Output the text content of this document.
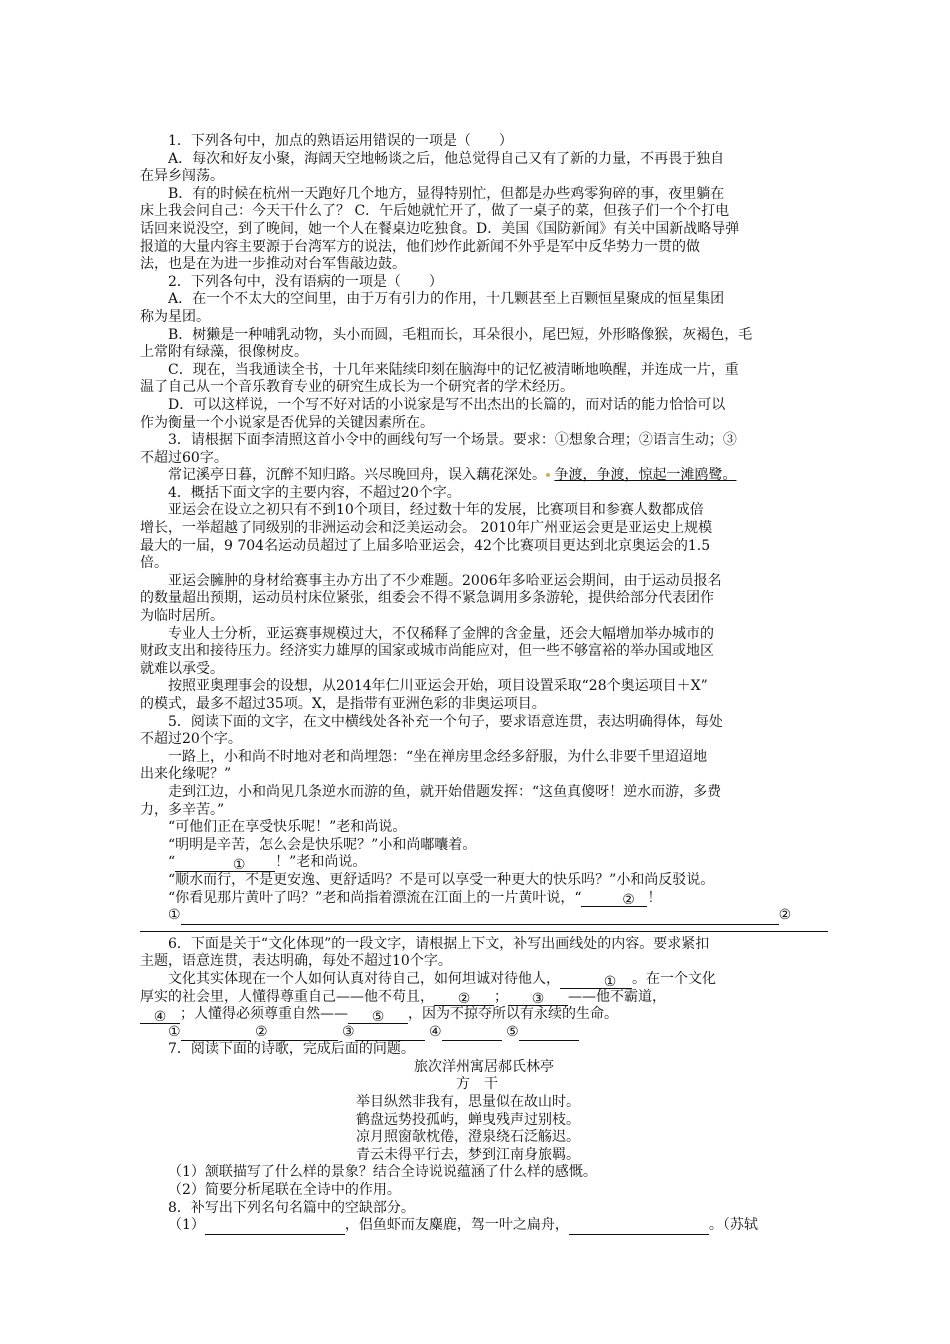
1．下列各句中，加点的熟语运用错误的一项是（　　）

A．每次和好友小聚，海阔天空地畅谈之后，他总觉得自己又有了新的力量，不再畏于独自

在异乡闯荡。

B．有的时候在杭州一天跑好几个地方，显得特别忙，但都是办些鸡零狗碎的事，夜里躺在

床上我会问自己：今天干什么了？ C．午后她就忙开了，做了一桌子的菜，但孩子们一个个打电

话回来说没空，到了晚间，她一个人在餐桌边吃独食。D．美国《国防新闻》有关中国新战略导弹

报道的大量内容主要源于台湾军方的说法，他们炒作此新闻不外乎是军中反华势力一贯的做

法，也是在为进一步推动对台军售敲边鼓。

2．下列各句中，没有语病的一项是（　　）

A．在一个不太大的空间里，由于万有引力的作用，十几颗甚至上百颗恒星聚成的恒星集团

称为星团。

B．树獭是一种哺乳动物，头小而圆，毛粗而长，耳朵很小，尾巴短，外形略像猴，灰褐色，毛

上常附有绿藻，很像树皮。

C．现在，当我通读全书，十几年来陆续印刻在脑海中的记忆被清晰地唤醒，并连成一片，重

温了自己从一个音乐教育专业的研究生成长为一个研究者的学术经历。

D．可以这样说，一个写不好对话的小说家是写不出杰出的长篇的，而对话的能力恰恰可以

作为衡量一个小说家是否优异的关键因素所在。

3．请根据下面李清照这首小令中的画线句写一个场景。要求：①想象合理；②语言生动；③

不超过60字。

常记溪亭日暮，沉醉不知归路。兴尽晚回舟，误入藕花深处。 争渡，争渡，惊起一滩鸥鹭。

4．概括下面文字的主要内容，不超过20个字。

亚运会在设立之初只有不到10个项目，经过数十年的发展，比赛项目和参赛人数都成倍

增长，一举超越了同级别的非洲运动会和泛美运动会。 2010年广州亚运会更是亚运史上规模

最大的一届，9 704名运动员超过了上届多哈亚运会，42个比赛项目更达到北京奥运会的1.5

倍。

亚运会臃肿的身材给赛事主办方出了不少难题。2006年多哈亚运会期间，由于运动员报名

的数量超出预期，运动员村床位紧张，组委会不得不紧急调用多条游轮，提供给部分代表团作

为临时居所。

专业人士分析，亚运赛事规模过大，不仅稀释了金牌的含金量，还会大幅增加举办城市的

财政支出和接待压力。经济实力雄厚的国家或城市尚能应对，但一些不够富裕的举办国或地区

就难以承受。

按照亚奥理事会的设想，从2014年仁川亚运会开始，项目设置采取“28个奥运项目＋X”

的模式，最多不超过35项。X，是指带有亚洲色彩的非奥运项目。

5．阅读下面的文字，在文中横线处各补充一个句子，要求语意连贯，表达明确得体，每处

不超过20个字。

一路上，小和尚不时地对老和尚埋怨：“坐在禅房里念经多舒服，为什么非要千里迢迢地

出来化缘呢？”

走到江边，小和尚见几条逆水而游的鱼，就开始借题发挥：“这鱼真傻呀！逆水而游，多费

力，多辛苦。”

“可他们正在享受快乐呢！”老和尚说。

“明明是辛苦，怎么会是快乐呢？”小和尚嘟囔着。

“	① ！”老和尚说。

“顺水而行，不是更安逸、更舒适吗？不是可以享受一种更大的快乐吗？”小和尚反驳说。

“你看见那片黄叶了吗？”老和尚指着漂流在江面上的一片黄叶说，“	② ！

①	②

6．下面是关于“文化体现”的一段文字，请根据上下文，补写出画线处的内容。要求紧扣

主题，语意连贯，表达明确，每处不超过10个字。

文化其实体现在一个人如何认真对待自己，如何坦诚对待他人，	① 。在一个文化

厚实的社会里，人懂得尊重自己——他不苟且， ② ； ③ ——他不霸道，

④ ；人懂得必须尊重自然—— ⑤ ，因为不掠夺所以有永续的生命。

①	②	③	④	⑤

7．阅读下面的诗歌，完成后面的问题。

旅次洋州寓居郝氏林亭

方　干

举目纵然非我有，思量似在故山时。

鹤盘远势投孤屿，蝉曳残声过别枝。

凉月照窗欹枕倦，澄泉绕石泛觞迟。

青云未得平行去，梦到江南身旅羁。

（1）颔联描写了什么样的景象？结合全诗说说蕴涵了什么样的感慨。

（2）简要分析尾联在全诗中的作用。

8．补写出下列名句名篇中的空缺部分。

（1）	，侣鱼虾而友麋鹿，驾一叶之扁舟，	。（苏轼
